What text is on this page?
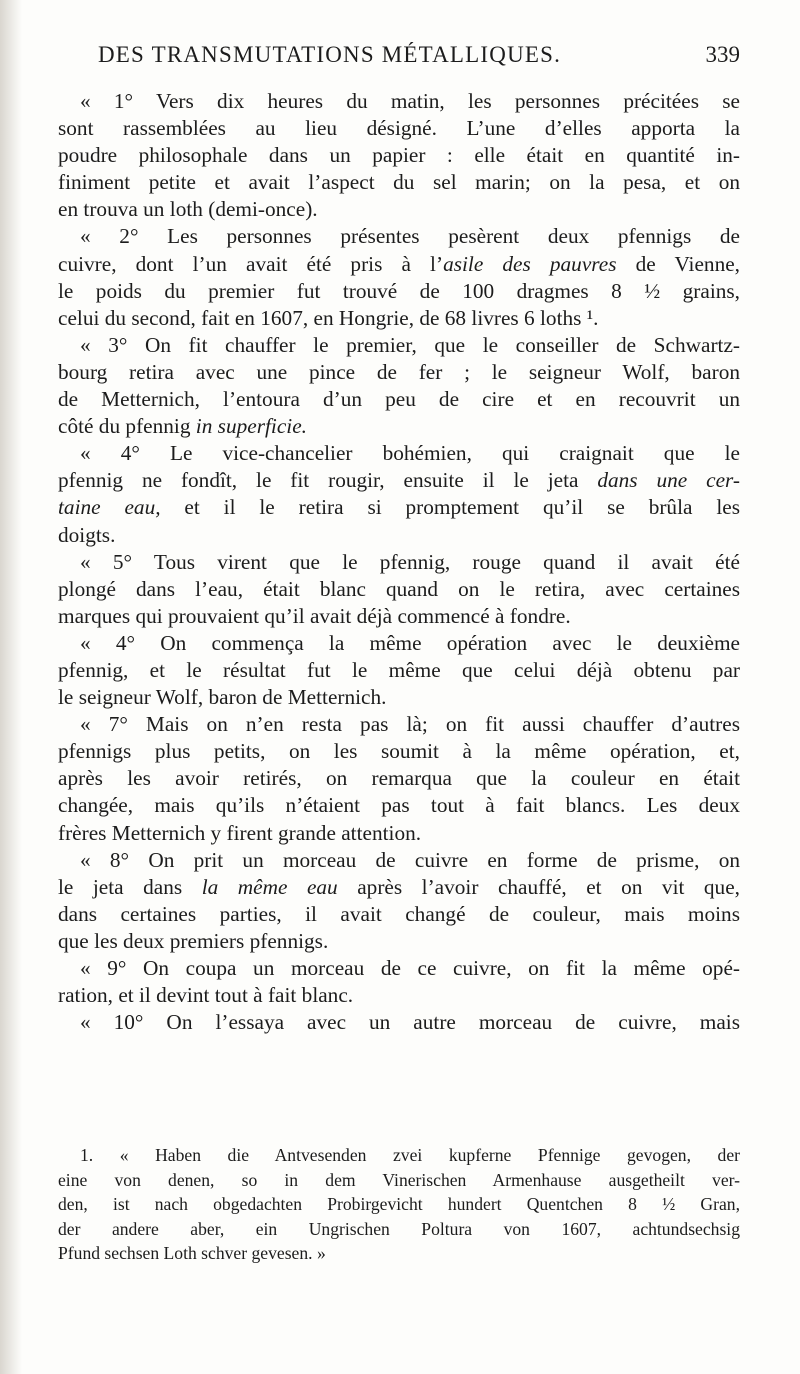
DES TRANSMUTATIONS MÉTALLIQUES.	339
« 1° Vers dix heures du matin, les personnes précitées se
sont rassemblées au lieu désigné. L’une d’elles apporta la
poudre philosophale dans un papier : elle était en quantité in-
finiment petite et avait l’aspect du sel marin; on la pesa, et on
en trouva un loth (demi-once).
« 2° Les personnes présentes pesèrent deux pfennigs de
cuivre, dont l’un avait été pris à l’asile des pauvres de Vienne,
le poids du premier fut trouvé de 100 dragmes 8 ½ grains,
celui du second, fait en 1607, en Hongrie, de 68 livres 6 loths ¹.
« 3° On fit chauffer le premier, que le conseiller de Schwartz-
bourg retira avec une pince de fer ; le seigneur Wolf, baron
de Metternich, l’entoura d’un peu de cire et en recouvrit un
côté du pfennig in superficie.
« 4° Le vice-chancelier bohémien, qui craignait que le
pfennig ne fondît, le fit rougir, ensuite il le jeta dans une cer-
taine eau, et il le retira si promptement qu’il se brûla les
doigts.
« 5° Tous virent que le pfennig, rouge quand il avait été
plongé dans l’eau, était blanc quand on le retira, avec certaines
marques qui prouvaient qu’il avait déjà commencé à fondre.
« 4° On commença la même opération avec le deuxième
pfennig, et le résultat fut le même que celui déjà obtenu par
le seigneur Wolf, baron de Metternich.
« 7° Mais on n’en resta pas là; on fit aussi chauffer d’autres
pfennigs plus petits, on les soumit à la même opération, et,
après les avoir retirés, on remarqua que la couleur en était
changée, mais qu’ils n’étaient pas tout à fait blancs. Les deux
frères Metternich y firent grande attention.
« 8° On prit un morceau de cuivre en forme de prisme, on
le jeta dans la même eau après l’avoir chauffé, et on vit que,
dans certaines parties, il avait changé de couleur, mais moins
que les deux premiers pfennigs.
« 9° On coupa un morceau de ce cuivre, on fit la même opé-
ration, et il devint tout à fait blanc.
« 10° On l’essaya avec un autre morceau de cuivre, mais
1. « Haben die Antvesenden zvei kupferne Pfennige gevogen, der
eine von denen, so in dem Vinerischen Armenhause ausgetheilt ver-
den, ist nach obgedachten Probirgevicht hundert Quentchen 8 ½ Gran,
der andere aber, ein Ungrischen Poltura von 1607, achtundsechsig
Pfund sechsen Loth schver gevesen. »
